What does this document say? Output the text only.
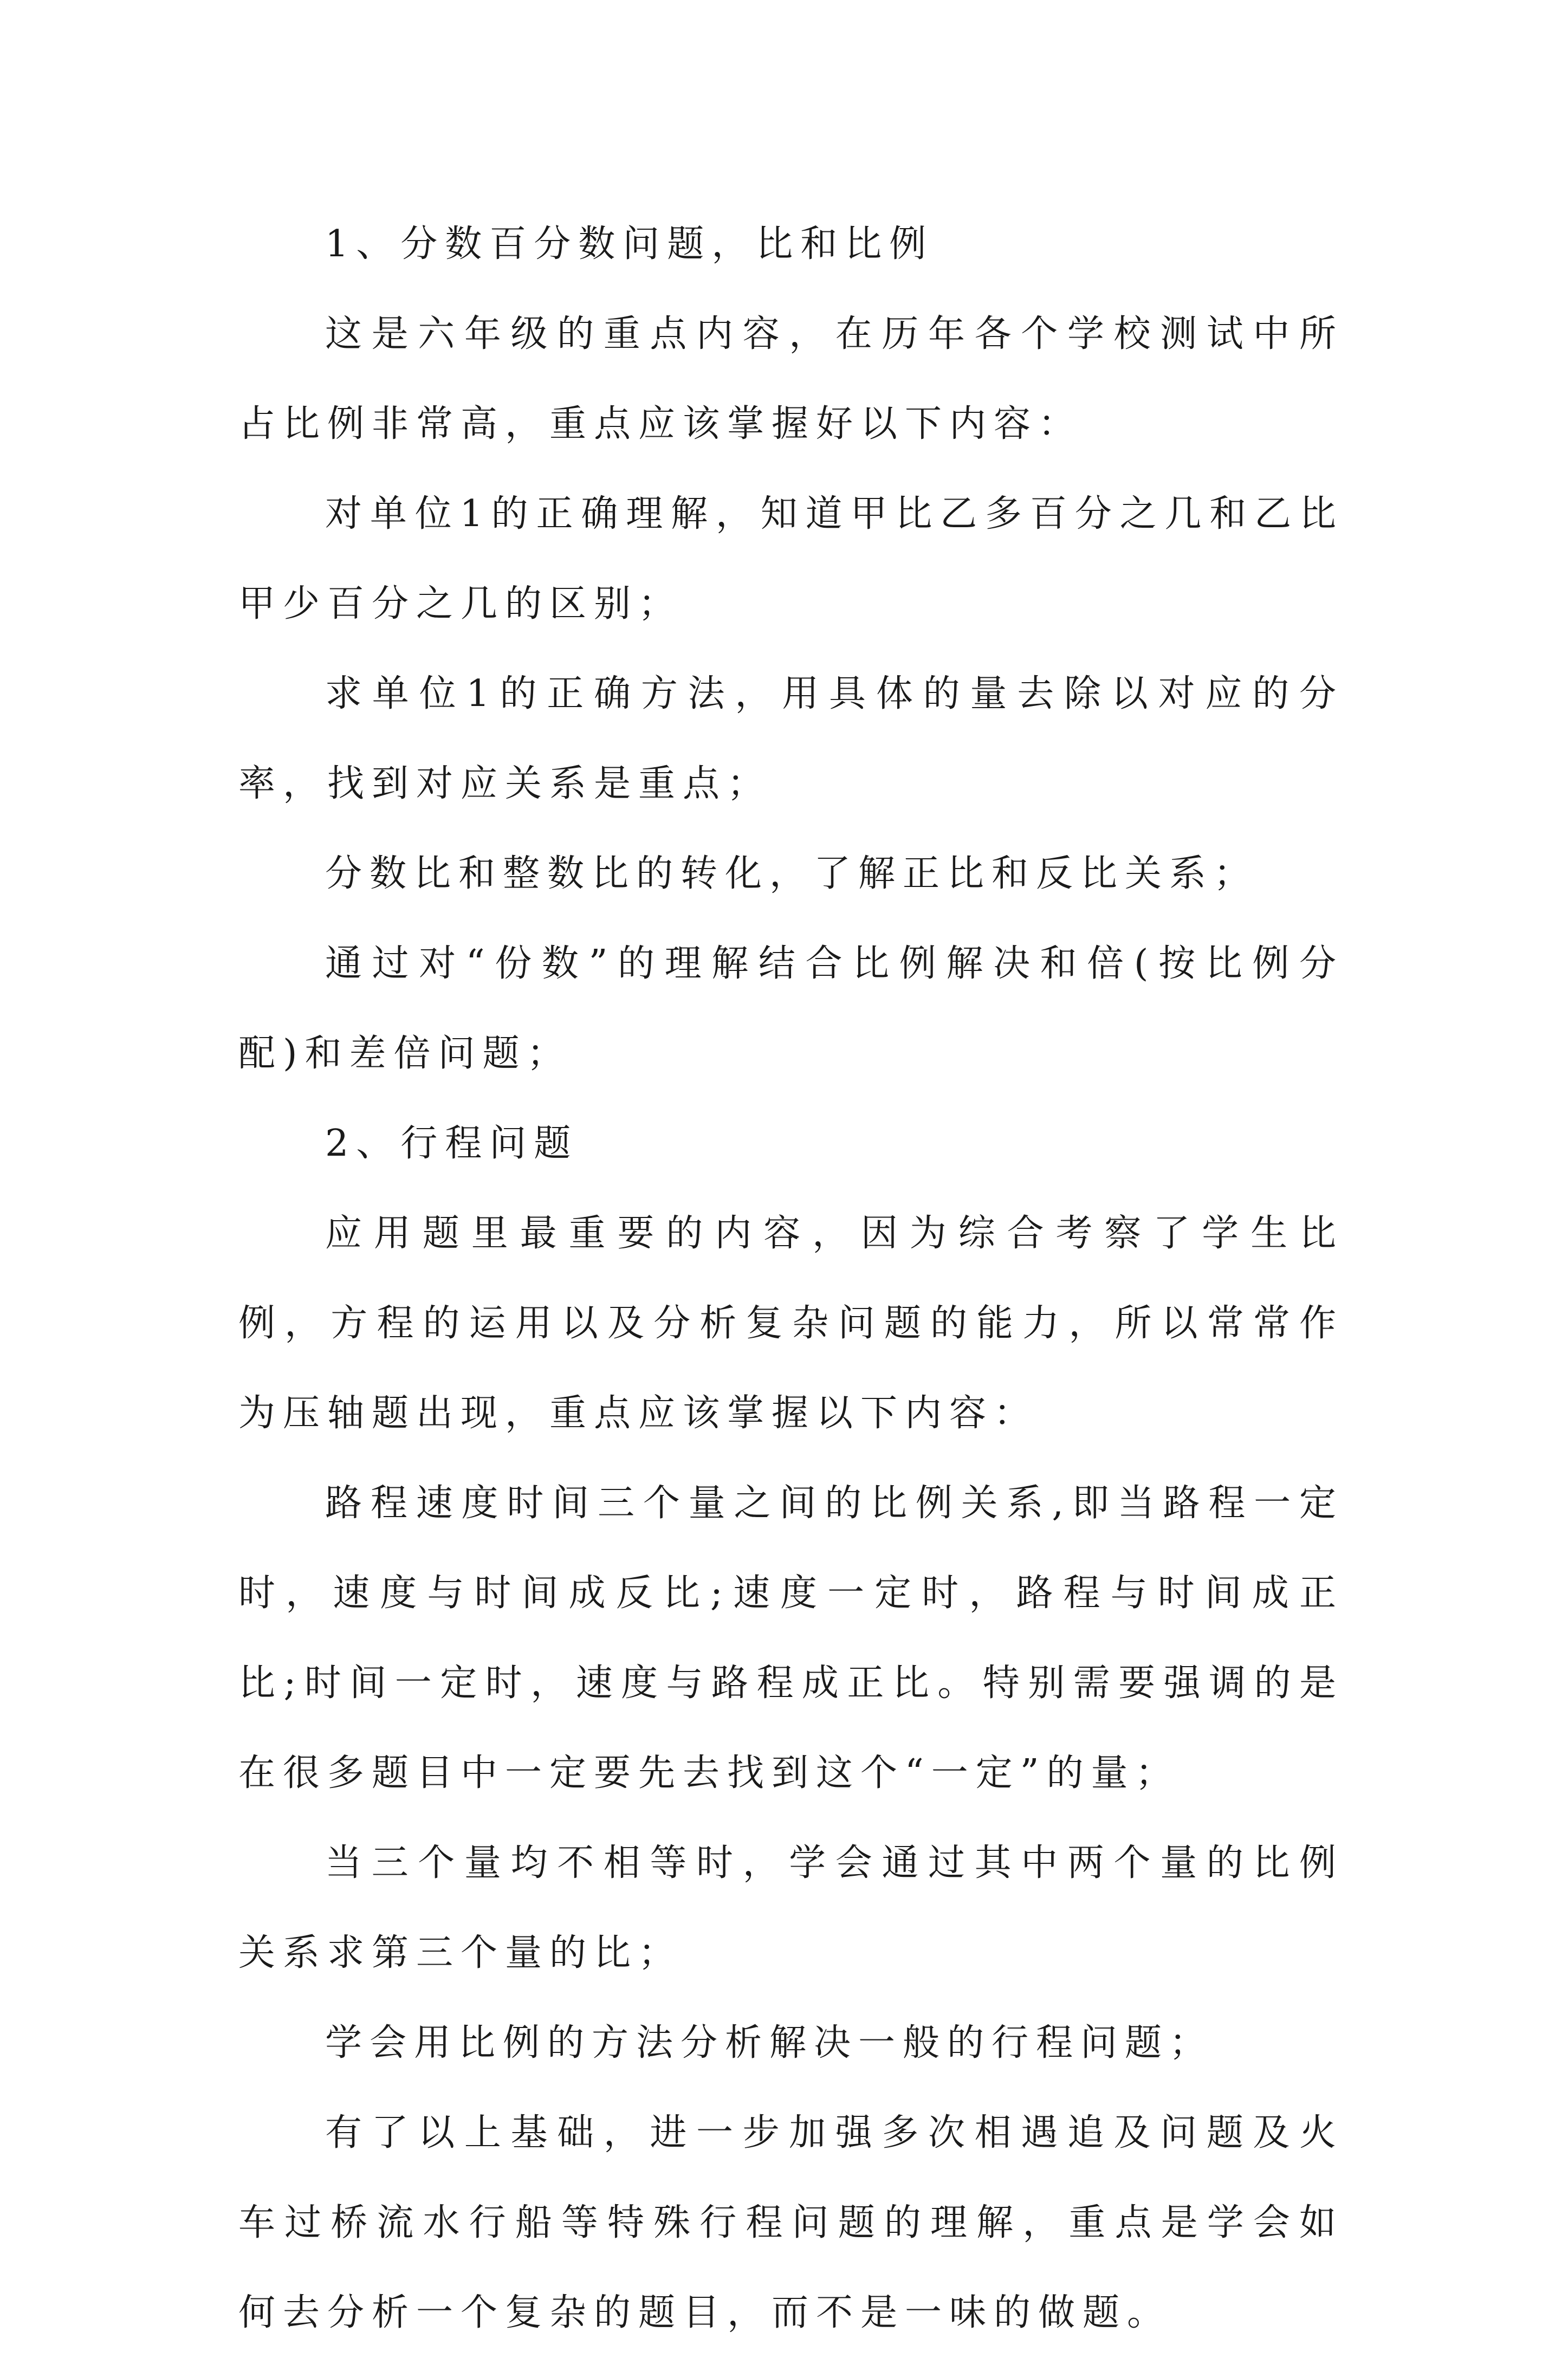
1、分数百分数问题，比和比例

这是六年级的重点内容，在历年各个学校测试中所占比例非常高，重点应该掌握好以下内容：

对单位1的正确理解，知道甲比乙多百分之几和乙比甲少百分之几的区别；

求单位1的正确方法，用具体的量去除以对应的分率，找到对应关系是重点；

分数比和整数比的转化，了解正比和反比关系；

通过对“份数”的理解结合比例解决和倍(按比例分配)和差倍问题；

2、行程问题

应用题里最重要的内容，因为综合考察了学生比例，方程的运用以及分析复杂问题的能力，所以常常作为压轴题出现，重点应该掌握以下内容：

路程速度时间三个量之间的比例关系,即当路程一定时，速度与时间成反比;速度一定时，路程与时间成正比;时间一定时，速度与路程成正比。特别需要强调的是在很多题目中一定要先去找到这个“一定”的量；

当三个量均不相等时，学会通过其中两个量的比例关系求第三个量的比；

学会用比例的方法分析解决一般的行程问题；

有了以上基础，进一步加强多次相遇追及问题及火车过桥流水行船等特殊行程问题的理解，重点是学会如何去分析一个复杂的题目，而不是一味的做题。
